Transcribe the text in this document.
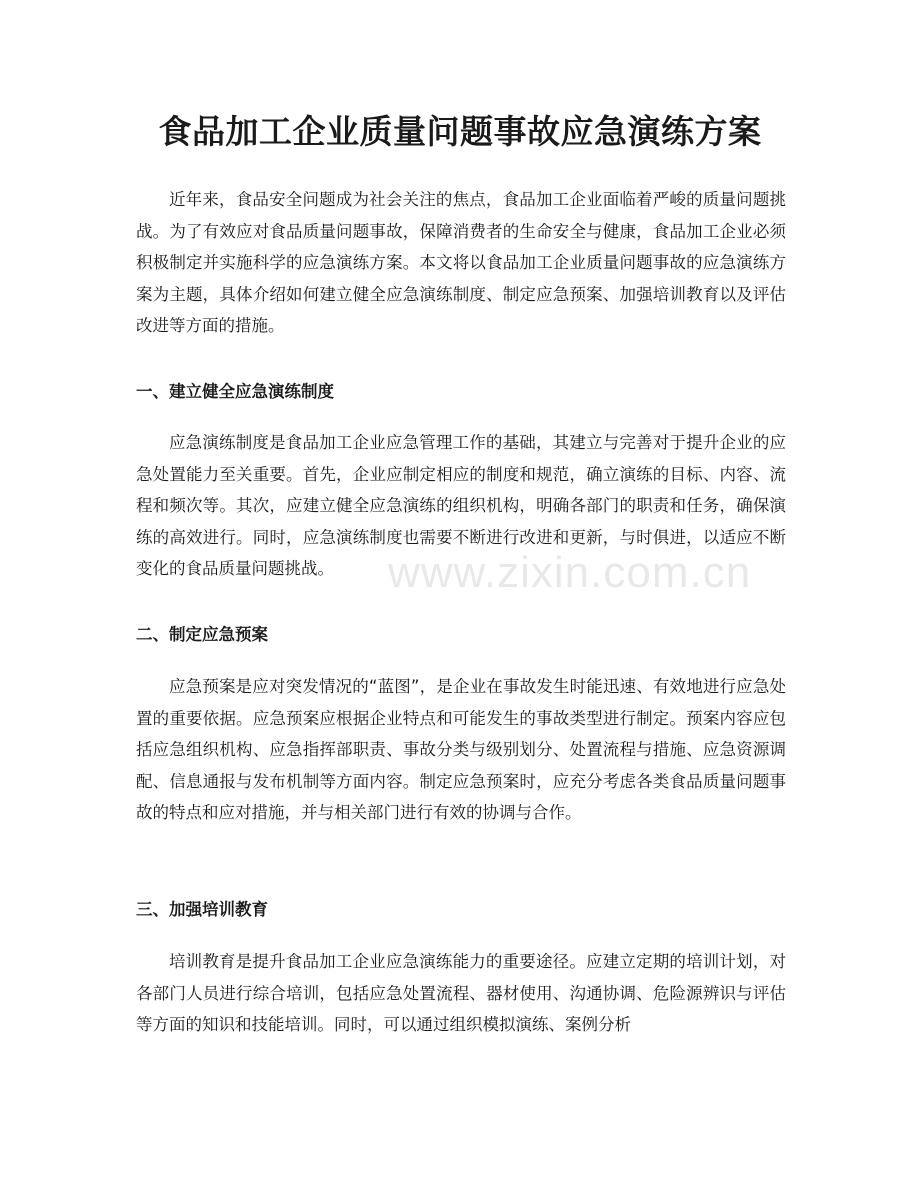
食品加工企业质量问题事故应急演练方案

近年来，食品安全问题成为社会关注的焦点，食品加工企业面临着严峻的质量问题挑战。为了有效应对食品质量问题事故，保障消费者的生命安全与健康，食品加工企业必须积极制定并实施科学的应急演练方案。本文将以食品加工企业质量问题事故的应急演练方案为主题，具体介绍如何建立健全应急演练制度、制定应急预案、加强培训教育以及评估改进等方面的措施。

一、建立健全应急演练制度

应急演练制度是食品加工企业应急管理工作的基础，其建立与完善对于提升企业的应急处置能力至关重要。首先，企业应制定相应的制度和规范，确立演练的目标、内容、流程和频次等。其次，应建立健全应急演练的组织机构，明确各部门的职责和任务，确保演练的高效进行。同时，应急演练制度也需要不断进行改进和更新，与时俱进，以适应不断变化的食品质量问题挑战。

二、制定应急预案

应急预案是应对突发情况的“蓝图”，是企业在事故发生时能迅速、有效地进行应急处置的重要依据。应急预案应根据企业特点和可能发生的事故类型进行制定。预案内容应包括应急组织机构、应急指挥部职责、事故分类与级别划分、处置流程与措施、应急资源调配、信息通报与发布机制等方面内容。制定应急预案时，应充分考虑各类食品质量问题事故的特点和应对措施，并与相关部门进行有效的协调与合作。

三、加强培训教育

培训教育是提升食品加工企业应急演练能力的重要途径。应建立定期的培训计划，对各部门人员进行综合培训，包括应急处置流程、器材使用、沟通协调、危险源辨识与评估等方面的知识和技能培训。同时，可以通过组织模拟演练、案例分析

www.zixin.com.cn
